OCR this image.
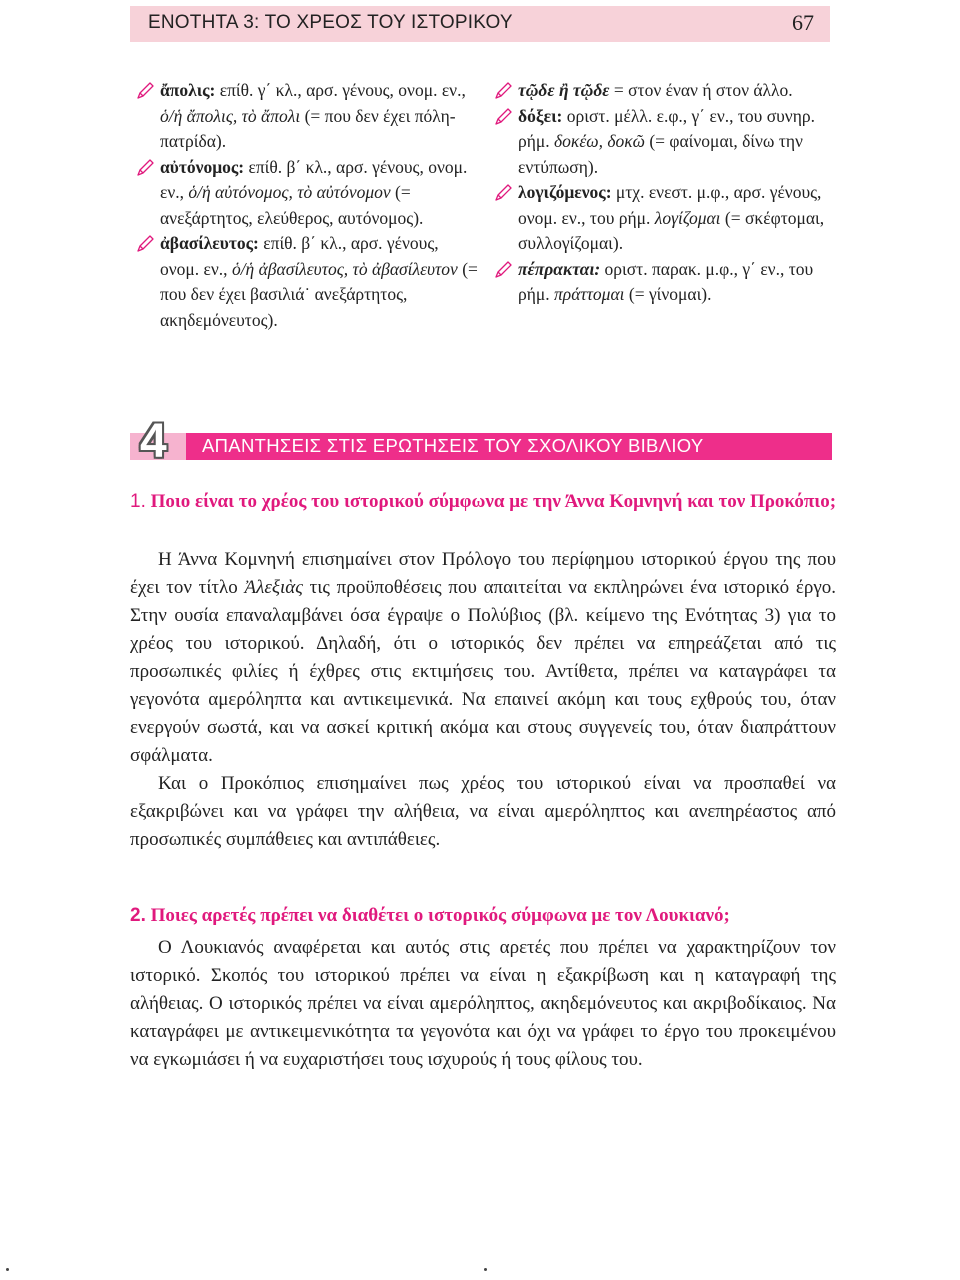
ΕΝΟΤΗΤΑ 3: ΤΟ ΧΡΕΟΣ ΤΟΥ ΙΣΤΟΡΙΚΟΥ	67
ἄπολις: επίθ. γ΄ κλ., αρσ. γένους, ονομ. εν., ὁ/ἡ ἄπολις, τὸ ἄπολι (= που δεν έχει πόλη-πατρίδα).
αὐτόνομος: επίθ. β΄ κλ., αρσ. γένους, ονομ. εν., ὁ/ἡ αὐτόνομος, τὸ αὐτόνομον (= ανεξάρτητος, ελεύθερος, αυτόνομος).
ἀβασίλευτος: επίθ. β΄ κλ., αρσ. γένους, ονομ. εν., ὁ/ἡ ἀβασίλευτος, τὸ ἀβασίλευτον (= που δεν έχει βασιλιά˙ ανεξάρτητος, ακηδεμόνευτος).
τῷδε ἢ τῷδε = στον έναν ή στον άλλο.
δόξει: οριστ. μέλλ. ε.φ., γ΄ εν., του συνηρ. ρήμ. δοκέω, δοκῶ (= φαίνομαι, δίνω την εντύπωση).
λογιζόμενος: μτχ. ενεστ. μ.φ., αρσ. γένους, ονομ. εν., του ρήμ. λογίζομαι (= σκέφτομαι, συλλογίζομαι).
πέπρακται: οριστ. παρακ. μ.φ., γ΄ εν., του ρήμ. πράττομαι (= γίνομαι).
4 ΑΠΑΝΤΗΣΕΙΣ ΣΤΙΣ ΕΡΩΤΗΣΕΙΣ ΤΟΥ ΣΧΟΛΙΚΟΥ ΒΙΒΛΙΟΥ
1. Ποιο είναι το χρέος του ιστορικού σύμφωνα με την Άννα Κομνηνή και τον Προκόπιο;

Η Άννα Κομνηνή επισημαίνει στον Πρόλογο του περίφημου ιστορικού έργου της που έχει τον τίτλο Ἀλεξιὰς τις προϋποθέσεις που απαιτείται να εκπληρώνει ένα ιστορικό έργο. Στην ουσία επαναλαμβάνει όσα έγραψε ο Πολύβιος (βλ. κείμενο της Ενότητας 3) για το χρέος του ιστορικού. Δηλαδή, ότι ο ιστορικός δεν πρέπει να επηρεάζεται από τις προσωπικές φιλίες ή έχθρες στις εκτιμήσεις του. Αντίθετα, πρέπει να καταγράφει τα γεγονότα αμερόληπτα και αντικειμενικά. Να επαινεί ακόμη και τους εχθρούς του, όταν ενεργούν σωστά, και να ασκεί κριτική ακόμα και στους συγγενείς του, όταν διαπράττουν σφάλματα.

Και ο Προκόπιος επισημαίνει πως χρέος του ιστορικού είναι να προσπαθεί να εξακριβώνει και να γράφει την αλήθεια, να είναι αμερόληπτος και ανεπηρέαστος από προσωπικές συμπάθειες και αντιπάθειες.

2. Ποιες αρετές πρέπει να διαθέτει ο ιστορικός σύμφωνα με τον Λουκιανό;

Ο Λουκιανός αναφέρεται και αυτός στις αρετές που πρέπει να χαρακτηρίζουν τον ιστορικό. Σκοπός του ιστορικού πρέπει να είναι η εξακρίβωση και η καταγραφή της αλήθειας. Ο ιστορικός πρέπει να είναι αμερόληπτος, ακηδεμόνευτος και ακριβοδίκαιος. Να καταγράφει με αντικειμενικότητα τα γεγονότα και όχι να γράφει το έργο του προκειμένου να εγκωμιάσει ή να ευχαριστήσει τους ισχυρούς ή τους φίλους του.
